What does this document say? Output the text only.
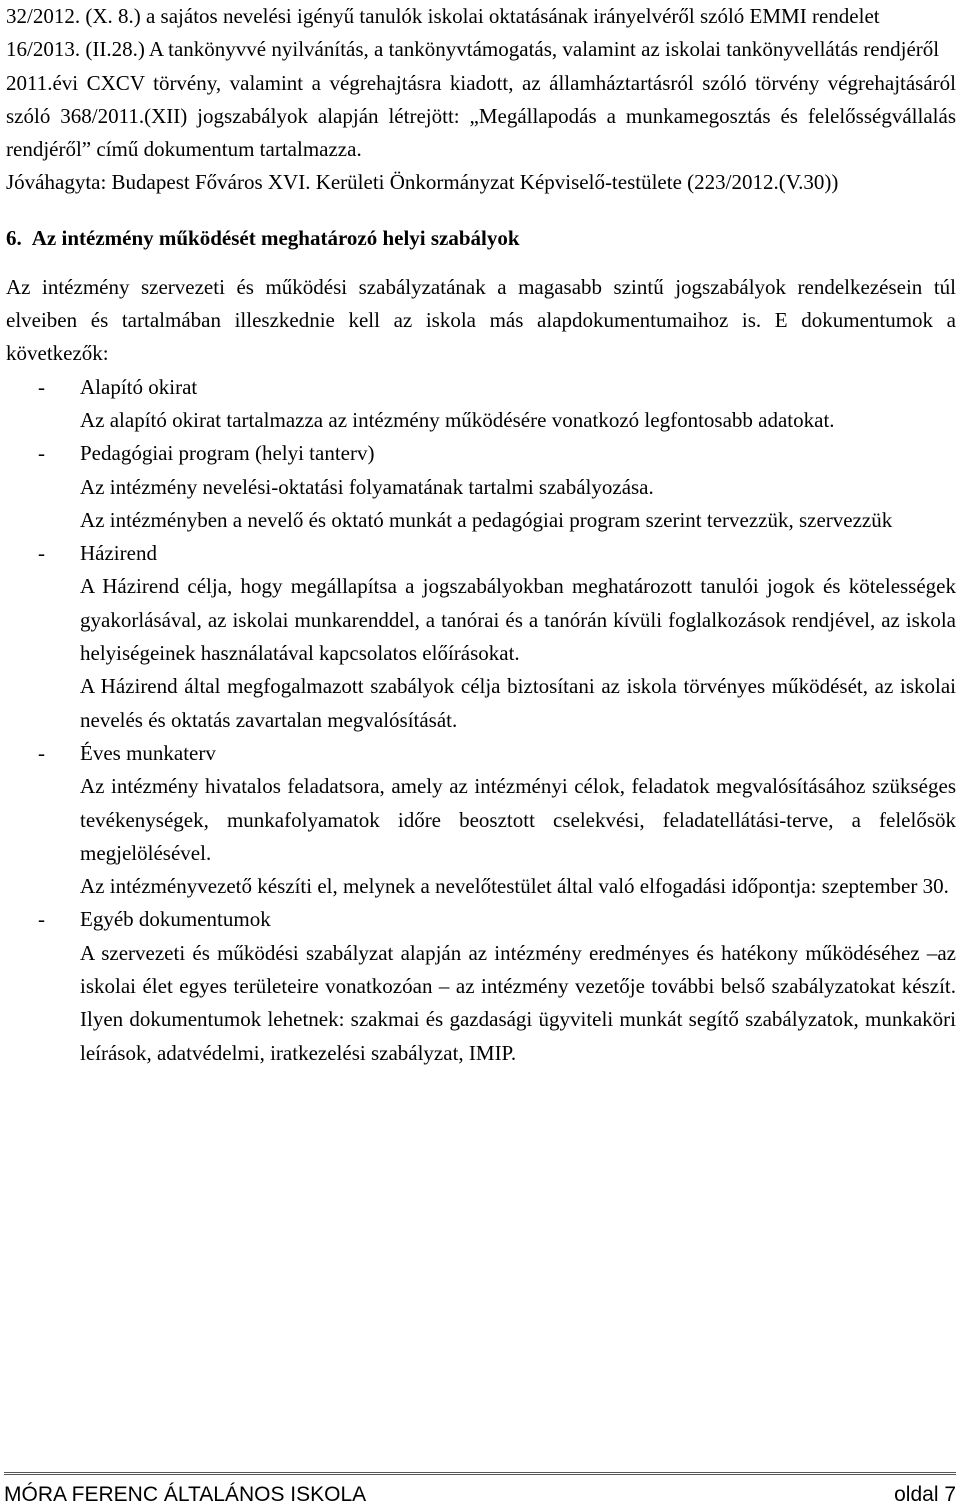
32/2012. (X. 8.) a sajátos nevelési igényű tanulók iskolai oktatásának irányelvéről szóló EMMI rendelet

16/2013. (II.28.) A tankönyvvé nyilvánítás, a tankönyvtámogatás, valamint az iskolai tankönyvellátás rendjéről

2011.évi CXCV törvény, valamint a végrehajtásra kiadott, az államháztartásról szóló törvény végrehajtásáról szóló 368/2011.(XII) jogszabályok alapján létrejött: „Megállapodás a munkamegosztás és felelősségvállalás rendjéről” című dokumentum tartalmazza.

Jóváhagyta: Budapest Főváros XVI. Kerületi Önkormányzat Képviselő-testülete (223/2012.(V.30))

6. Az intézmény működését meghatározó helyi szabályok

Az intézmény szervezeti és működési szabályzatának a magasabb szintű jogszabályok rendelkezésein túl elveiben és tartalmában illeszkednie kell az iskola más alapdokumentumaihoz is. E dokumentumok a következők:

- Alapító okirat

Az alapító okirat tartalmazza az intézmény működésére vonatkozó legfontosabb adatokat.

- Pedagógiai program (helyi tanterv)

Az intézmény nevelési-oktatási folyamatának tartalmi szabályozása.

Az intézményben a nevelő és oktató munkát a pedagógiai program szerint tervezzük, szervezzük

- Házirend

A Házirend célja, hogy megállapítsa a jogszabályokban meghatározott tanulói jogok és kötelességek gyakorlásával, az iskolai munkarenddel, a tanórai és a tanórán kívüli foglalkozások rendjével, az iskola helyiségeinek használatával kapcsolatos előírásokat.

A Házirend által megfogalmazott szabályok célja biztosítani az iskola törvényes működését, az iskolai nevelés és oktatás zavartalan megvalósítását.

- Éves munkaterv

Az intézmény hivatalos feladatsora, amely az intézményi célok, feladatok megvalósításához szükséges tevékenységek, munkafolyamatok időre beosztott cselekvési, feladatellátási-terve, a felelősök megjelölésével.

Az intézményvezető készíti el, melynek a nevelőtestület által való elfogadási időpontja: szeptember 30.

- Egyéb dokumentumok

A szervezeti és működési szabályzat alapján az intézmény eredményes és hatékony működéséhez –az iskolai élet egyes területeire vonatkozóan – az intézmény vezetője további belső szabályzatokat készít. Ilyen dokumentumok lehetnek: szakmai és gazdasági ügyviteli munkát segítő szabályzatok, munkaköri leírások, adatvédelmi, iratkezelési szabályzat, IMIP.

MÓRA FERENC ÁLTALÁNOS ISKOLA	oldal 7
